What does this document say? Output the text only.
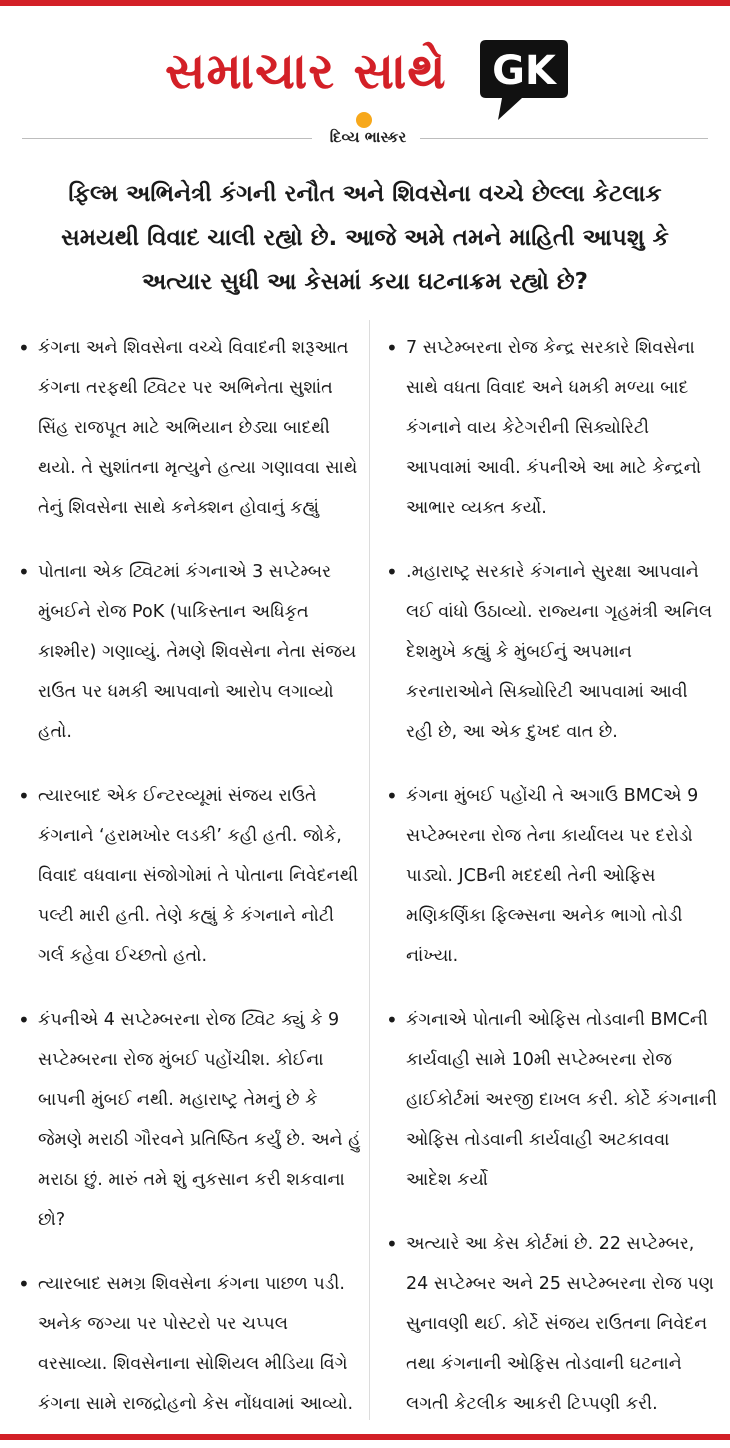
સમાચાર સાથે GK
દિવ્ય ભાસ્કર
ફિલ્મ અભિનેત્રી કંગની રનૌત અને શિવસેના વચ્ચે છેલ્લા કેટલાક સમયથી વિવાદ ચાલી રહ્યો છે. આજે અમે તમને માહિતી આપશુ કે અત્યાર સુધી આ કેસમાં કયા ઘટનાક્રમ રહ્યો છે?
• કંગના અને શિવસેના વચ્ચે વિવાદની શરૂઆત કંગના તરફથી ટ્વિટર પર અભિનેતા સુશાંત સિંહ રાજપૂત માટે અભિયાન છેડ્યા બાદથી થયો. તે સુશાંતના મૃત્યુને હત્યા ગણાવવા સાથે તેનું શિવસેના સાથે કનેક્શન હોવાનું કહ્યું
• પોતાના એક ટ્વિટમાં કંગનાએ 3 સપ્ટેમ્બર મુંબઈને રોજ PoK (પાકિસ્તાન અધિકૃત કાશ્મીર) ગણાવ્યું. તેમણે શિવસેના નેતા સંજય રાઉત પર ધમકી આપવાનો આરોપ લગાવ્યો હતો.
• ત્યારબાદ એક ઈન્ટરવ્યૂમાં સંજય રાઉતે કંગનાને ‘હરામખોર લડકી’ કહી હતી. જોકે, વિવાદ વધવાના સંજોગોમાં તે પોતાના નિવેદનથી પલ્ટી મારી હતી. તેણે કહ્યું કે કંગનાને નોટી ગર્લ કહેવા ઈચ્છતો હતો.
• કંપનીએ 4 સપ્ટેમ્બરના રોજ ટ્વિટ ક્યું કે 9 સપ્ટેમ્બરના રોજ મુંબઈ પહોંચીશ. કોઈના બાપની મુંબઈ નથી. મહારાષ્ટ્ર તેમનું છે કે જેમણે મરાઠી ગૌરવને પ્રતિષ્ઠિત કર્યું છે. અને હું મરાઠા છું. મારું તમે શું નુકસાન કરી શકવાના છો?
• ત્યારબાદ સમગ્ર શિવસેના કંગના પાછળ પડી. અનેક જગ્યા પર પોસ્ટરો પર ચપ્પલ વરસાવ્યા. શિવસેનાના સોશિયલ મીડિયા વિંગે કંગના સામે રાજદ્રોહનો કેસ નોંધવામાં આવ્યો.
• 7 સપ્ટેમ્બરના રોજ કેન્દ્ર સરકારે શિવસેના સાથે વધતા વિવાદ અને ધમકી મળ્યા બાદ કંગનાને વાય કેટેગરીની સિક્યોરિટી આપવામાં આવી. કંપનીએ આ માટે કેન્દ્રનો આભાર વ્યક્ત કર્યો.
• .મહારાષ્ટ્ર સરકારે કંગનાને સુરક્ષા આપવાને લઈ વાંધો ઉઠાવ્યો. રાજ્યના ગૃહમંત્રી અનિલ દેશમુખે કહ્યું કે મુંબઈનું અપમાન કરનારાઓને સિક્યોરિટી આપવામાં આવી રહી છે, આ એક દુખદ વાત છે.
• કંગના મુંબઈ પહોંચી તે અગાઉ BMCએ 9 સપ્ટેમ્બરના રોજ તેના કાર્યાલય પર દરોડો પાડ્યો. JCBની મદદથી તેની ઓફિસ મણિકર્ણિકા ફિલ્મ્સના અનેક ભાગો તોડી નાંખ્યા.
• કંગનાએ પોતાની ઓફિસ તોડવાની BMCની કાર્યવાહી સામે 10મી સપ્ટેમ્બરના રોજ હાઈકોર્ટમાં અરજી દાખલ કરી. કોર્ટે કંગનાની ઓફિસ તોડવાની કાર્યવાહી અટકાવવા આદેશ કર્યો
• અત્યારે આ કેસ કોર્ટમાં છે. 22 સપ્ટેમ્બર, 24 સપ્ટેમ્બર અને 25 સપ્ટેમ્બરના રોજ પણ સુનાવણી થઈ. કોર્ટે સંજય રાઉતના નિવેદન તથા કંગનાની ઓફિસ તોડવાની ઘટનાને લગતી કેટલીક આકરી ટિપ્પણી કરી.
